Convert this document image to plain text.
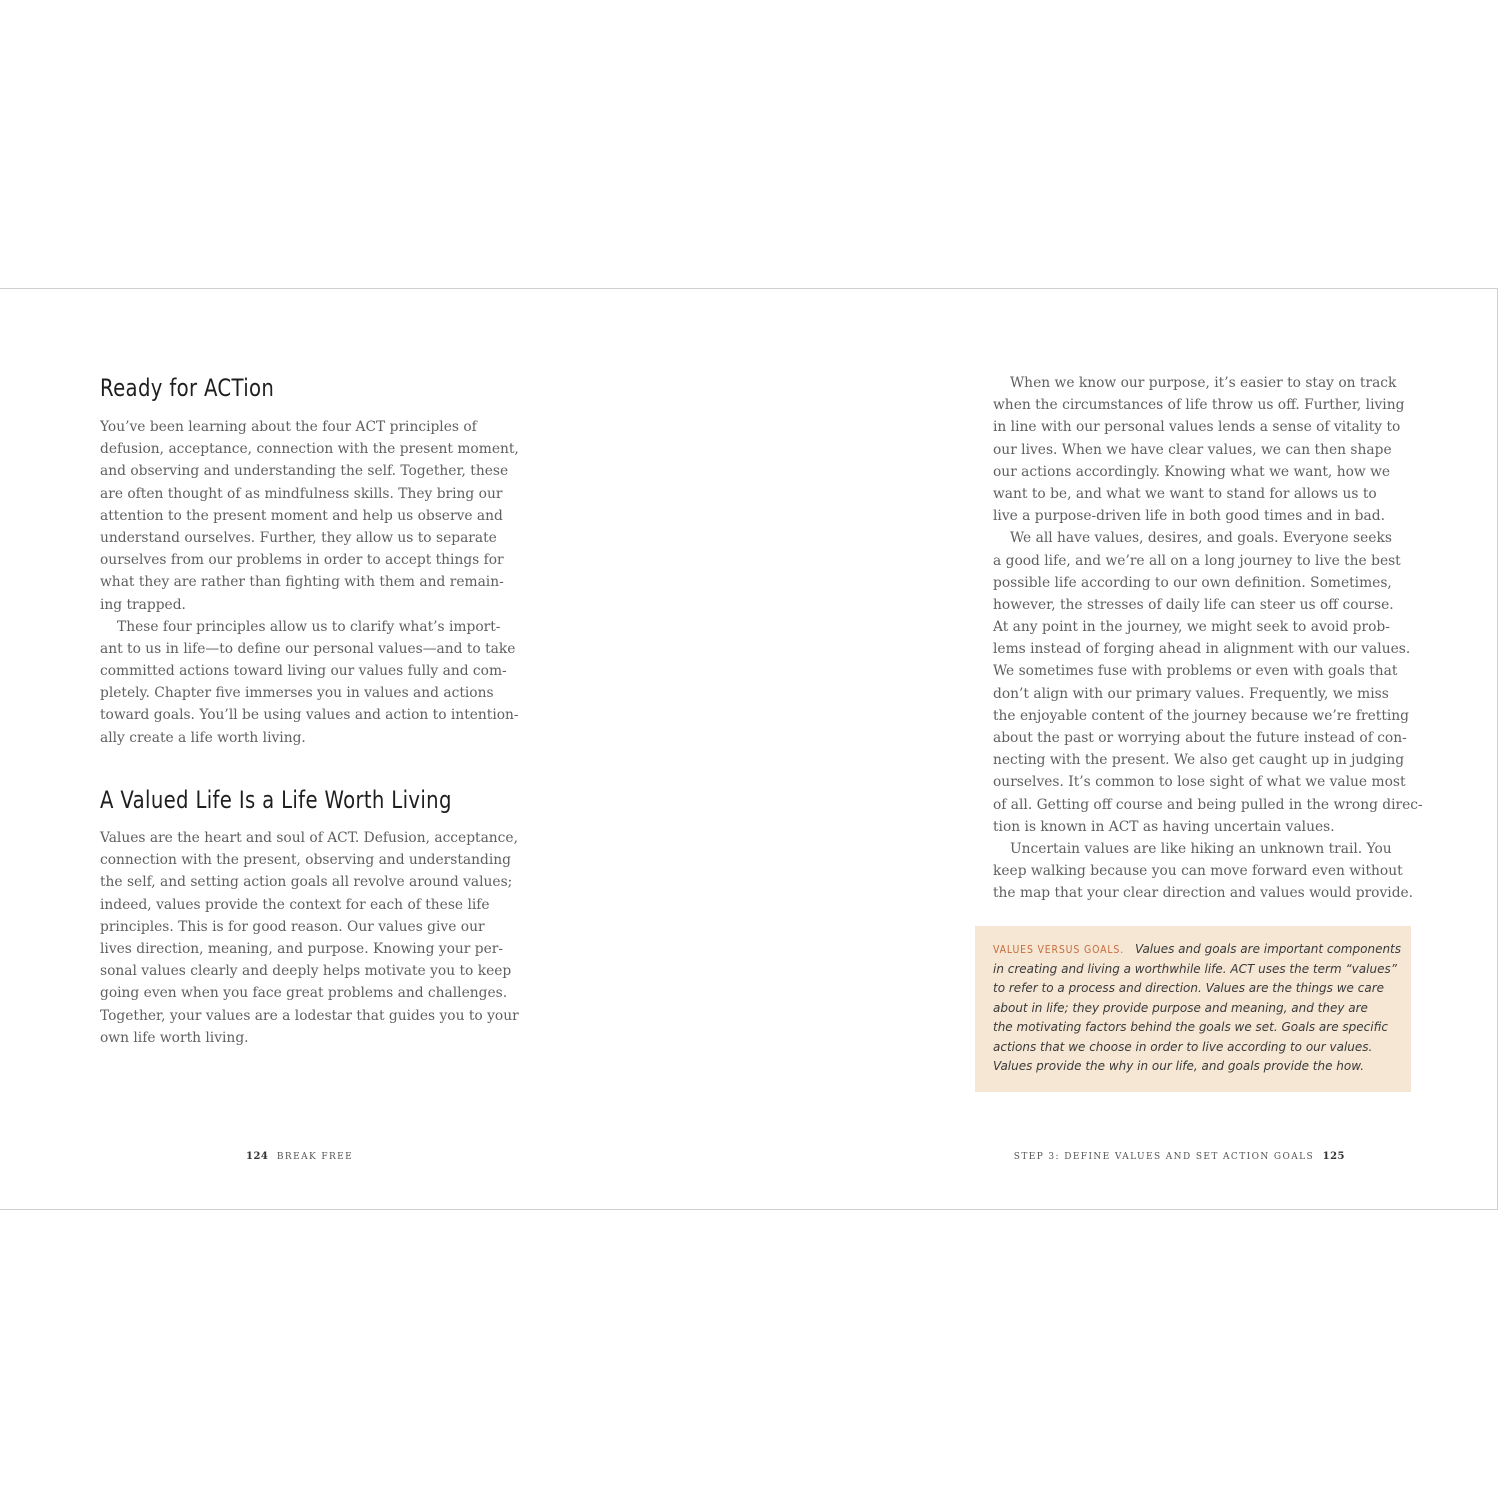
Ready for ACTion
You’ve been learning about the four ACT principles of
defusion, acceptance, connection with the present moment,
and observing and understanding the self. Together, these
are often thought of as mindfulness skills. They bring our
attention to the present moment and help us observe and
understand ourselves. Further, they allow us to separate
ourselves from our problems in order to accept things for
what they are rather than fighting with them and remain-
ing trapped.
These four principles allow us to clarify what’s import-
ant to us in life—to define our personal values—and to take
committed actions toward living our values fully and com-
pletely. Chapter five immerses you in values and actions
toward goals. You’ll be using values and action to intention-
ally create a life worth living.
A Valued Life Is a Life Worth Living
Values are the heart and soul of ACT. Defusion, acceptance,
connection with the present, observing and understanding
the self, and setting action goals all revolve around values;
indeed, values provide the context for each of these life
principles. This is for good reason. Our values give our
lives direction, meaning, and purpose. Knowing your per-
sonal values clearly and deeply helps motivate you to keep
going even when you face great problems and challenges.
Together, your values are a lodestar that guides you to your
own life worth living.
124 BREAK FREE
When we know our purpose, it’s easier to stay on track
when the circumstances of life throw us off. Further, living
in line with our personal values lends a sense of vitality to
our lives. When we have clear values, we can then shape
our actions accordingly. Knowing what we want, how we
want to be, and what we want to stand for allows us to
live a purpose-driven life in both good times and in bad.
We all have values, desires, and goals. Everyone seeks
a good life, and we’re all on a long journey to live the best
possible life according to our own definition. Sometimes,
however, the stresses of daily life can steer us off course.
At any point in the journey, we might seek to avoid prob-
lems instead of forging ahead in alignment with our values.
We sometimes fuse with problems or even with goals that
don’t align with our primary values. Frequently, we miss
the enjoyable content of the journey because we’re fretting
about the past or worrying about the future instead of con-
necting with the present. We also get caught up in judging
ourselves. It’s common to lose sight of what we value most
of all. Getting off course and being pulled in the wrong direc-
tion is known in ACT as having uncertain values.
Uncertain values are like hiking an unknown trail. You
keep walking because you can move forward even without
the map that your clear direction and values would provide.
VALUES VERSUS GOALS. Values and goals are important components
in creating and living a worthwhile life. ACT uses the term “values”
to refer to a process and direction. Values are the things we care
about in life; they provide purpose and meaning, and they are
the motivating factors behind the goals we set. Goals are specific
actions that we choose in order to live according to our values.
Values provide the why in our life, and goals provide the how.
STEP 3: DEFINE VALUES AND SET ACTION GOALS 125
